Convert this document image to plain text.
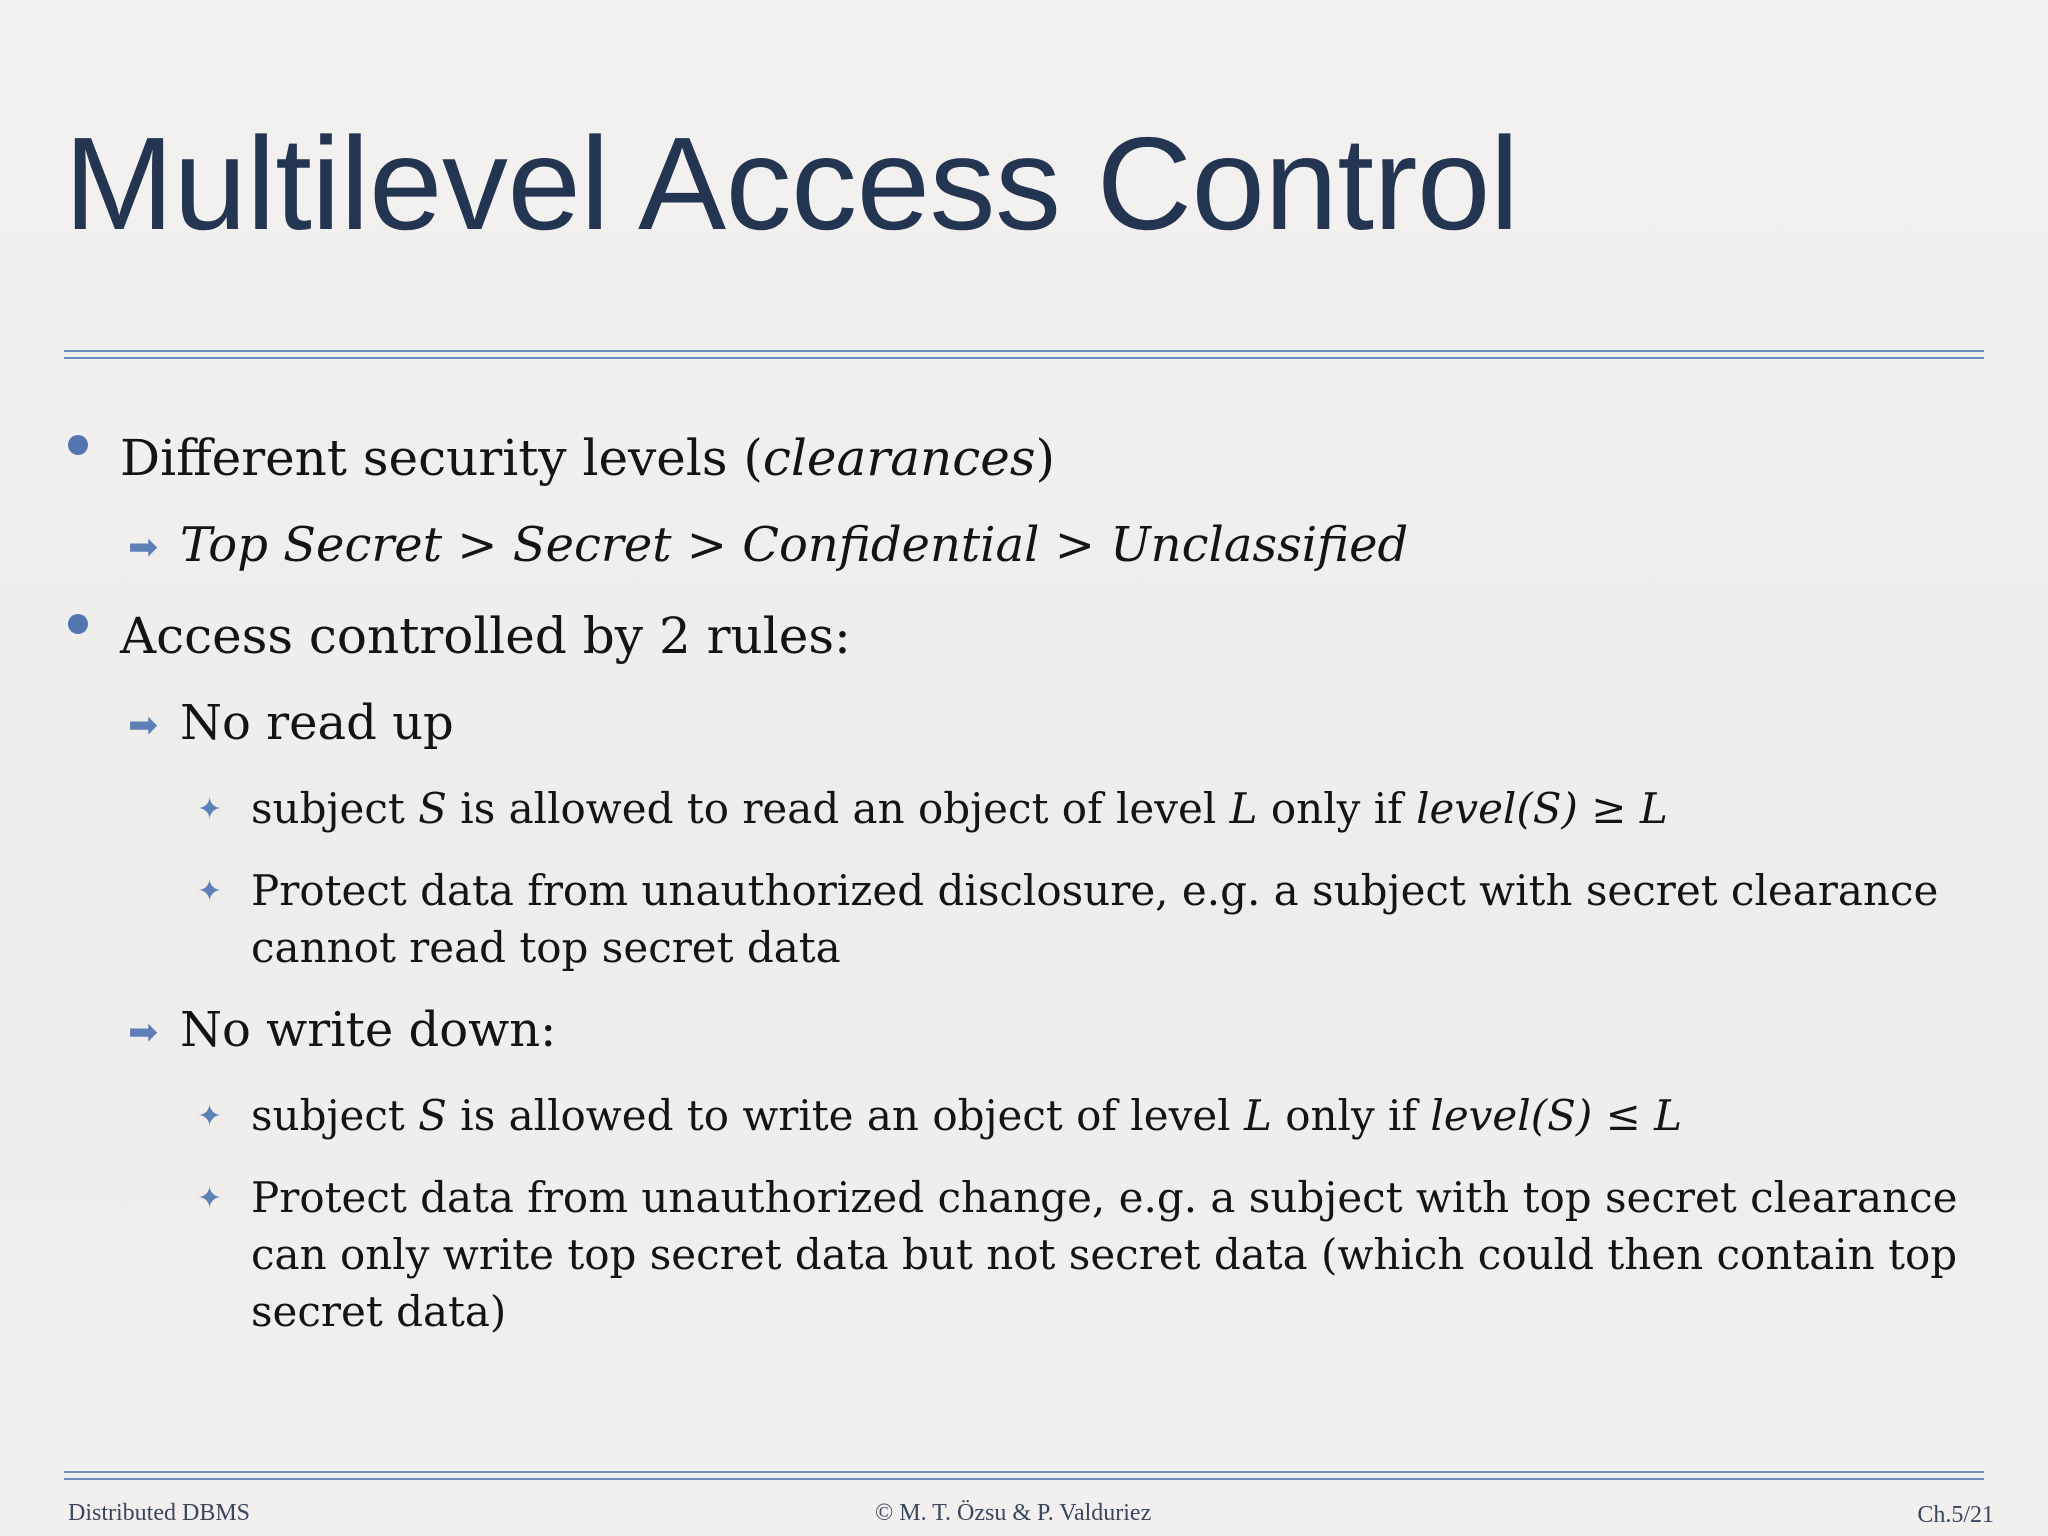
Multilevel Access Control
Different security levels (clearances)
➡ Top Secret > Secret > Confidential > Unclassified
Access controlled by 2 rules:
➡ No read up
✦ subject S is allowed to read an object of level L only if level(S) ≥ L
✦ Protect data from unauthorized disclosure, e.g. a subject with secret clearance cannot read top secret data
➡ No write down:
✦ subject S is allowed to write an object of level L only if level(S) ≤ L
✦ Protect data from unauthorized change, e.g. a subject with top secret clearance can only write top secret data but not secret data (which could then contain top secret data)
Distributed DBMS	© M. T. Özsu & P. Valduriez	Ch.5/21
